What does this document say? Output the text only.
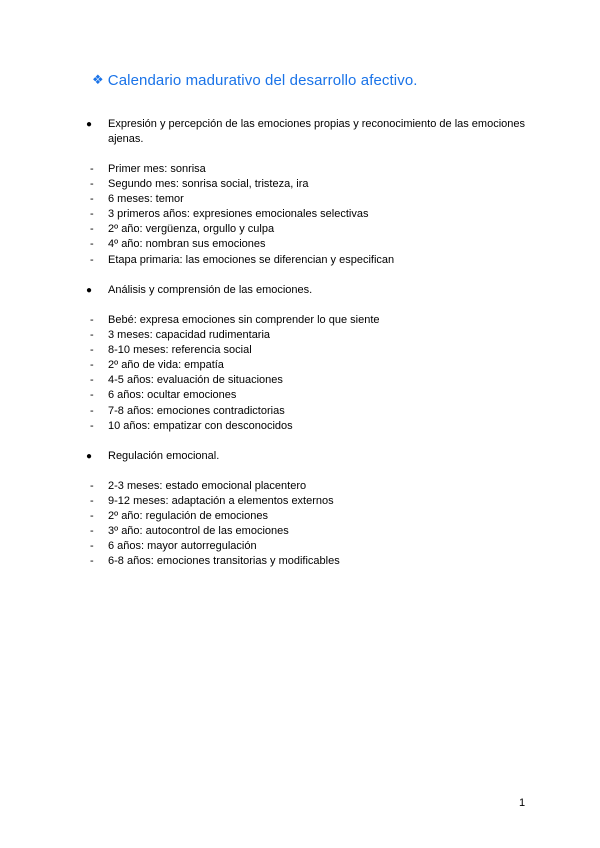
❖ Calendario madurativo del desarrollo afectivo.
●	Expresión y percepción de las emociones propias y reconocimiento de las emociones ajenas.
- Primer mes: sonrisa
- Segundo mes: sonrisa social, tristeza, ira
- 6 meses: temor
- 3 primeros años: expresiones emocionales selectivas
- 2º año: vergüenza, orgullo y culpa
- 4º año: nombran sus emociones
- Etapa primaria: las emociones se diferencian y especifican
●	Análisis y comprensión de las emociones.
- Bebé: expresa emociones sin comprender lo que siente
- 3 meses: capacidad rudimentaria
- 8-10 meses: referencia social
- 2º año de vida: empatía
- 4-5 años: evaluación de situaciones
- 6 años: ocultar emociones
- 7-8 años: emociones contradictorias
- 10 años: empatizar con desconocidos
●	Regulación emocional.
- 2-3 meses: estado emocional placentero
- 9-12 meses: adaptación a elementos externos
- 2º año: regulación de emociones
- 3º año: autocontrol de las emociones
- 6 años: mayor autorregulación
- 6-8 años: emociones transitorias y modificables
1
